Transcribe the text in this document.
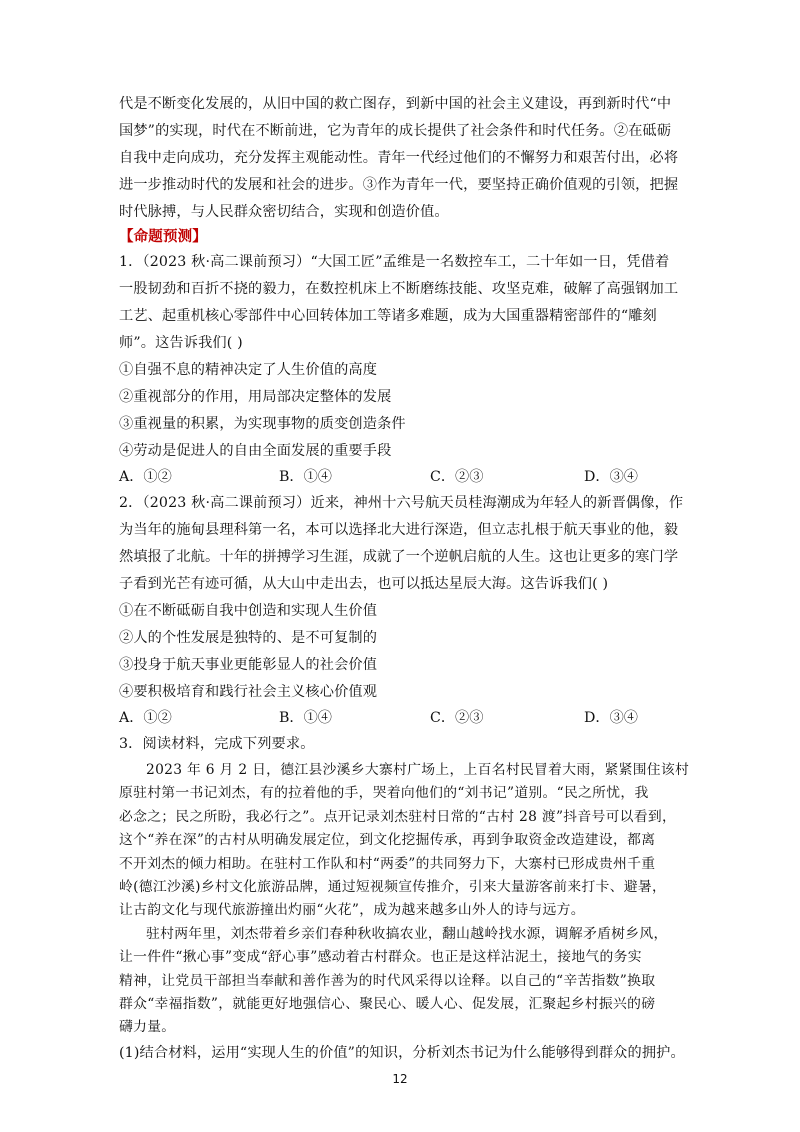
代是不断变化发展的，从旧中国的救亡图存，到新中国的社会主义建设，再到新时代“中
国梦”的实现，时代在不断前进，它为青年的成长提供了社会条件和时代任务。②在砥砺
自我中走向成功，充分发挥主观能动性。青年一代经过他们的不懈努力和艰苦付出，必将
进一步推动时代的发展和社会的进步。③作为青年一代，要坚持正确价值观的引领，把握
时代脉搏，与人民群众密切结合，实现和创造价值。
【命题预测】
1．（2023 秋·高二课前预习）“大国工匠”孟维是一名数控车工，二十年如一日，凭借着
一股韧劲和百折不挠的毅力，在数控机床上不断磨练技能、攻坚克难，破解了高强钢加工
工艺、起重机核心零部件中心回转体加工等诸多难题，成为大国重器精密部件的“雕刻
师”。这告诉我们( )
①自强不息的精神决定了人生价值的高度
②重视部分的作用，用局部决定整体的发展
③重视量的积累，为实现事物的质变创造条件
④劳动是促进人的自由全面发展的重要手段
A．①②	B．①④	C．②③	D．③④
2．（2023 秋·高二课前预习）近来，神州十六号航天员桂海潮成为年轻人的新晋偶像，作
为当年的施甸县理科第一名，本可以选择北大进行深造，但立志扎根于航天事业的他，毅
然填报了北航。十年的拼搏学习生涯，成就了一个逆帆启航的人生。这也让更多的寒门学
子看到光芒有迹可循，从大山中走出去，也可以抵达星辰大海。这告诉我们( )
①在不断砥砺自我中创造和实现人生价值
②人的个性发展是独特的、是不可复制的
③投身于航天事业更能彰显人的社会价值
④要积极培育和践行社会主义核心价值观
A．①②	B．①④	C．②③	D．③④
3．阅读材料，完成下列要求。
2023 年 6 月 2 日，德江县沙溪乡大寨村广场上，上百名村民冒着大雨，紧紧围住该村
原驻村第一书记刘杰，有的拉着他的手，哭着向他们的“刘书记”道别。“民之所忧，我
必念之；民之所盼，我必行之”。点开记录刘杰驻村日常的“古村 28 渡”抖音号可以看到，
这个“养在深”的古村从明确发展定位，到文化挖掘传承，再到争取资金改造建设，都离
不开刘杰的倾力相助。在驻村工作队和村“两委”的共同努力下，大寨村已形成贵州千重
岭(德江沙溪)乡村文化旅游品牌，通过短视频宣传推介，引来大量游客前来打卡、避暑，
让古韵文化与现代旅游撞出灼丽“火花”，成为越来越多山外人的诗与远方。
驻村两年里，刘杰带着乡亲们春种秋收搞农业，翻山越岭找水源，调解矛盾树乡风，
让一件件“揪心事”变成“舒心事”感动着古村群众。也正是这样沾泥土，接地气的务实
精神，让党员干部担当奉献和善作善为的时代风采得以诠释。以自己的“辛苦指数”换取
群众“幸福指数”，就能更好地强信心、聚民心、暖人心、促发展，汇聚起乡村振兴的磅
礴力量。
12
(1)结合材料，运用“实现人生的价值”的知识，分析刘杰书记为什么能够得到群众的拥护。
